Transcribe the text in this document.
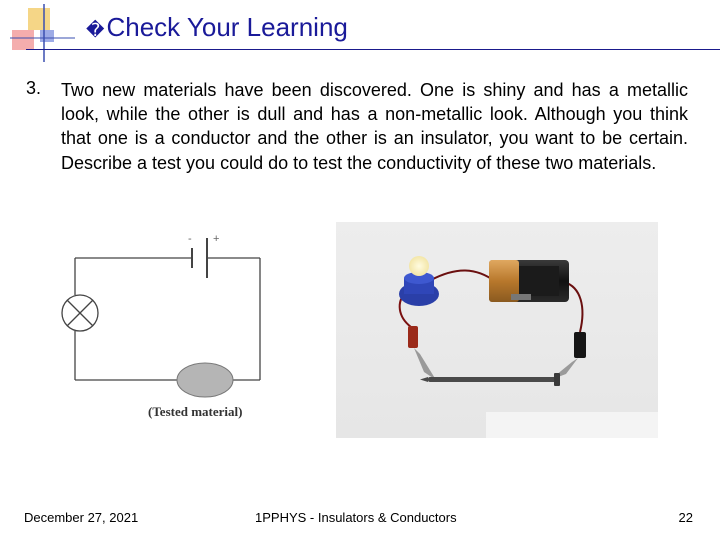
�Check Your Learning
3. Two new materials have been discovered. One is shiny and has a metallic look, while the other is dull and has a non-metallic look. Although you think that one is a conductor and the other is an insulator, you want to be certain. Describe a test you could do to test the conductivity of these two materials.
- +
(Tested material)
December 27, 2021	1PPHYS - Insulators & Conductors	22
